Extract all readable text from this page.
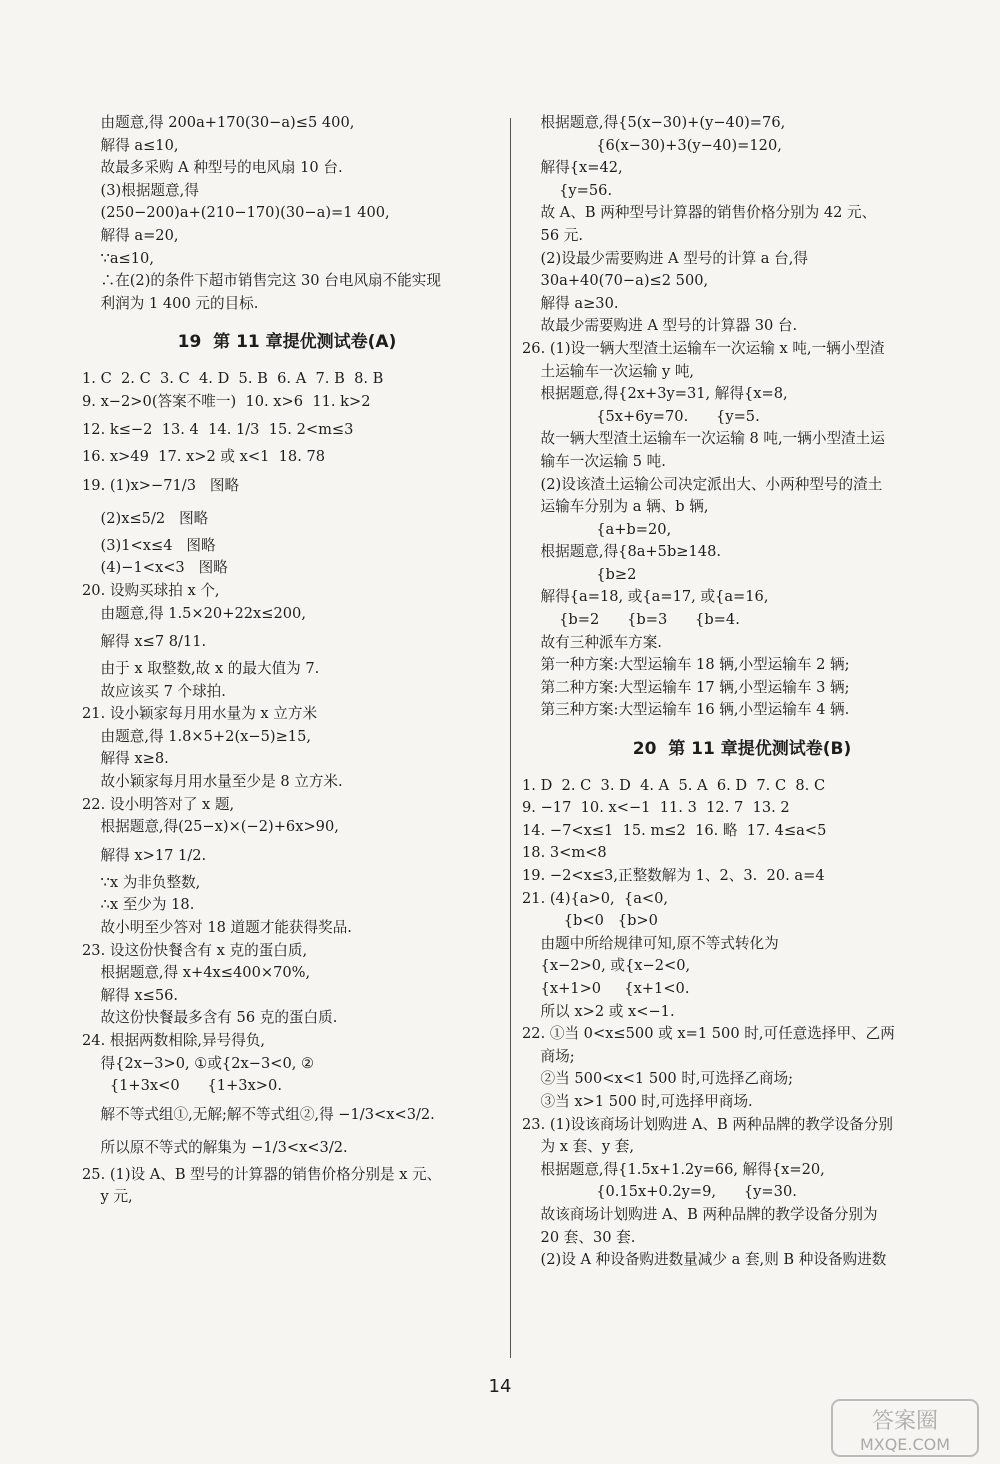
由题意,得 200a+170(30−a)≤5 400,
解得 a≤10,
故最多采购 A 种型号的电风扇 10 台.
(3)根据题意,得
(250−200)a+(210−170)(30−a)=1 400,
解得 a=20,
∵a≤10,
∴在(2)的条件下超市销售完这 30 台电风扇不能实现
利润为 1 400 元的目标.
19  第 11 章提优测试卷(A)
1. C  2. C  3. C  4. D  5. B  6. A  7. B  8. B
9. x−2>0(答案不唯一)  10. x>6  11. k>2
12. k≤−2  13. 4  14. 1/3  15. 2<m≤3
16. x>49  17. x>2 或 x<1  18. 78
19. (1)x>−71/3   图略
(2)x≤5/2   图略
(3)1<x≤4   图略
(4)−1<x<3   图略
20. 设购买球拍 x 个,
由题意,得 1.5×20+22x≤200,
解得 x≤7 8/11.
由于 x 取整数,故 x 的最大值为 7.
故应该买 7 个球拍.
21. 设小颖家每月用水量为 x 立方米
由题意,得 1.8×5+2(x−5)≥15,
解得 x≥8.
故小颖家每月用水量至少是 8 立方米.
22. 设小明答对了 x 题,
根据题意,得(25−x)×(−2)+6x>90,
解得 x>17 1/2.
∵x 为非负整数,
∴x 至少为 18.
故小明至少答对 18 道题才能获得奖品.
23. 设这份快餐含有 x 克的蛋白质,
根据题意,得 x+4x≤400×70%,
解得 x≤56.
故这份快餐最多含有 56 克的蛋白质.
24. 根据两数相除,异号得负,
得{2x−3>0, ①或{2x−3<0, ②
{1+3x<0      {1+3x>0.
解不等式组①,无解;解不等式组②,得 −1/3<x<3/2.
所以原不等式的解集为 −1/3<x<3/2.
25. (1)设 A、B 型号的计算器的销售价格分别是 x 元、
y 元,
根据题意,得{5(x−30)+(y−40)=76,
{6(x−30)+3(y−40)=120,
解得{x=42,
{y=56.
故 A、B 两种型号计算器的销售价格分别为 42 元、
56 元.
(2)设最少需要购进 A 型号的计算 a 台,得
30a+40(70−a)≤2 500,
解得 a≥30.
故最少需要购进 A 型号的计算器 30 台.
26. (1)设一辆大型渣土运输车一次运输 x 吨,一辆小型渣
土运输车一次运输 y 吨,
根据题意,得{2x+3y=31, 解得{x=8,
{5x+6y=70.      {y=5.
故一辆大型渣土运输车一次运输 8 吨,一辆小型渣土运
输车一次运输 5 吨.
(2)设该渣土运输公司决定派出大、小两种型号的渣土
运输车分别为 a 辆、b 辆,
{a+b=20,
根据题意,得{8a+5b≥148.
{b≥2
解得{a=18, 或{a=17, 或{a=16,
{b=2      {b=3      {b=4.
故有三种派车方案.
第一种方案:大型运输车 18 辆,小型运输车 2 辆;
第二种方案:大型运输车 17 辆,小型运输车 3 辆;
第三种方案:大型运输车 16 辆,小型运输车 4 辆.
20  第 11 章提优测试卷(B)
1. D  2. C  3. D  4. A  5. A  6. D  7. C  8. C
9. −17  10. x<−1  11. 3  12. 7  13. 2
14. −7<x≤1  15. m≤2  16. 略  17. 4≤a<5
18. 3<m<8
19. −2<x≤3,正整数解为 1、2、3.  20. a=4
21. (4){a>0,  {a<0,
{b<0   {b>0
由题中所给规律可知,原不等式转化为
{x−2>0, 或{x−2<0,
{x+1>0     {x+1<0.
所以 x>2 或 x<−1.
22. ①当 0<x≤500 或 x=1 500 时,可任意选择甲、乙两
商场;
②当 500<x<1 500 时,可选择乙商场;
③当 x>1 500 时,可选择甲商场.
23. (1)设该商场计划购进 A、B 两种品牌的教学设备分别
为 x 套、y 套,
根据题意,得{1.5x+1.2y=66, 解得{x=20,
{0.15x+0.2y=9,      {y=30.
故该商场计划购进 A、B 两种品牌的教学设备分别为
20 套、30 套.
(2)设 A 种设备购进数量减少 a 套,则 B 种设备购进数
14
答案圈
MXQE.COM
